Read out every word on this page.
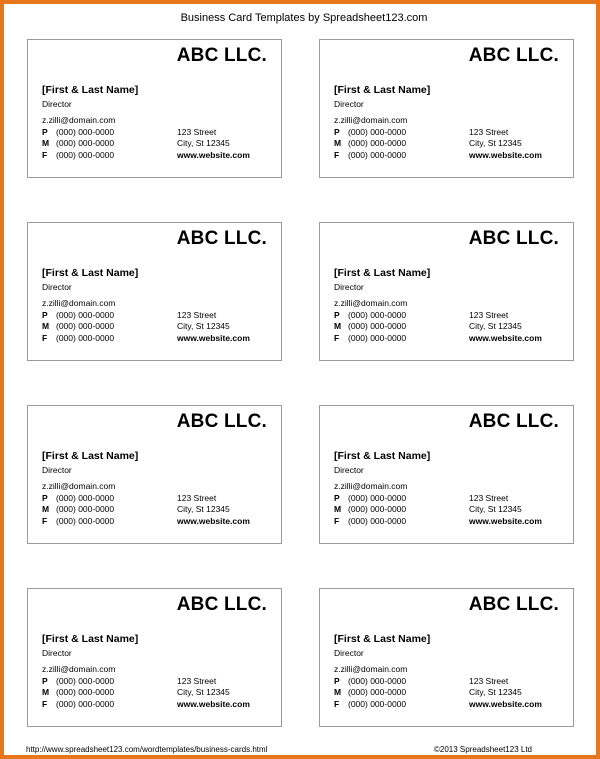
Business Card Templates by Spreadsheet123.com
ABC LLC.
[First & Last Name]
Director
z.zilli@domain.com
P (000) 000-0000	123 Street
M (000) 000-0000	City, St 12345
F (000) 000-0000	www.website.com
ABC LLC.
[First & Last Name]
Director
z.zilli@domain.com
P (000) 000-0000	123 Street
M (000) 000-0000	City, St 12345
F (000) 000-0000	www.website.com
ABC LLC.
[First & Last Name]
Director
z.zilli@domain.com
P (000) 000-0000	123 Street
M (000) 000-0000	City, St 12345
F (000) 000-0000	www.website.com
ABC LLC.
[First & Last Name]
Director
z.zilli@domain.com
P (000) 000-0000	123 Street
M (000) 000-0000	City, St 12345
F (000) 000-0000	www.website.com
ABC LLC.
[First & Last Name]
Director
z.zilli@domain.com
P (000) 000-0000	123 Street
M (000) 000-0000	City, St 12345
F (000) 000-0000	www.website.com
ABC LLC.
[First & Last Name]
Director
z.zilli@domain.com
P (000) 000-0000	123 Street
M (000) 000-0000	City, St 12345
F (000) 000-0000	www.website.com
ABC LLC.
[First & Last Name]
Director
z.zilli@domain.com
P (000) 000-0000	123 Street
M (000) 000-0000	City, St 12345
F (000) 000-0000	www.website.com
ABC LLC.
[First & Last Name]
Director
z.zilli@domain.com
P (000) 000-0000	123 Street
M (000) 000-0000	City, St 12345
F (000) 000-0000	www.website.com
http://www.spreadsheet123.com/wordtemplates/business-cards.html	©2013 Spreadsheet123 Ltd
